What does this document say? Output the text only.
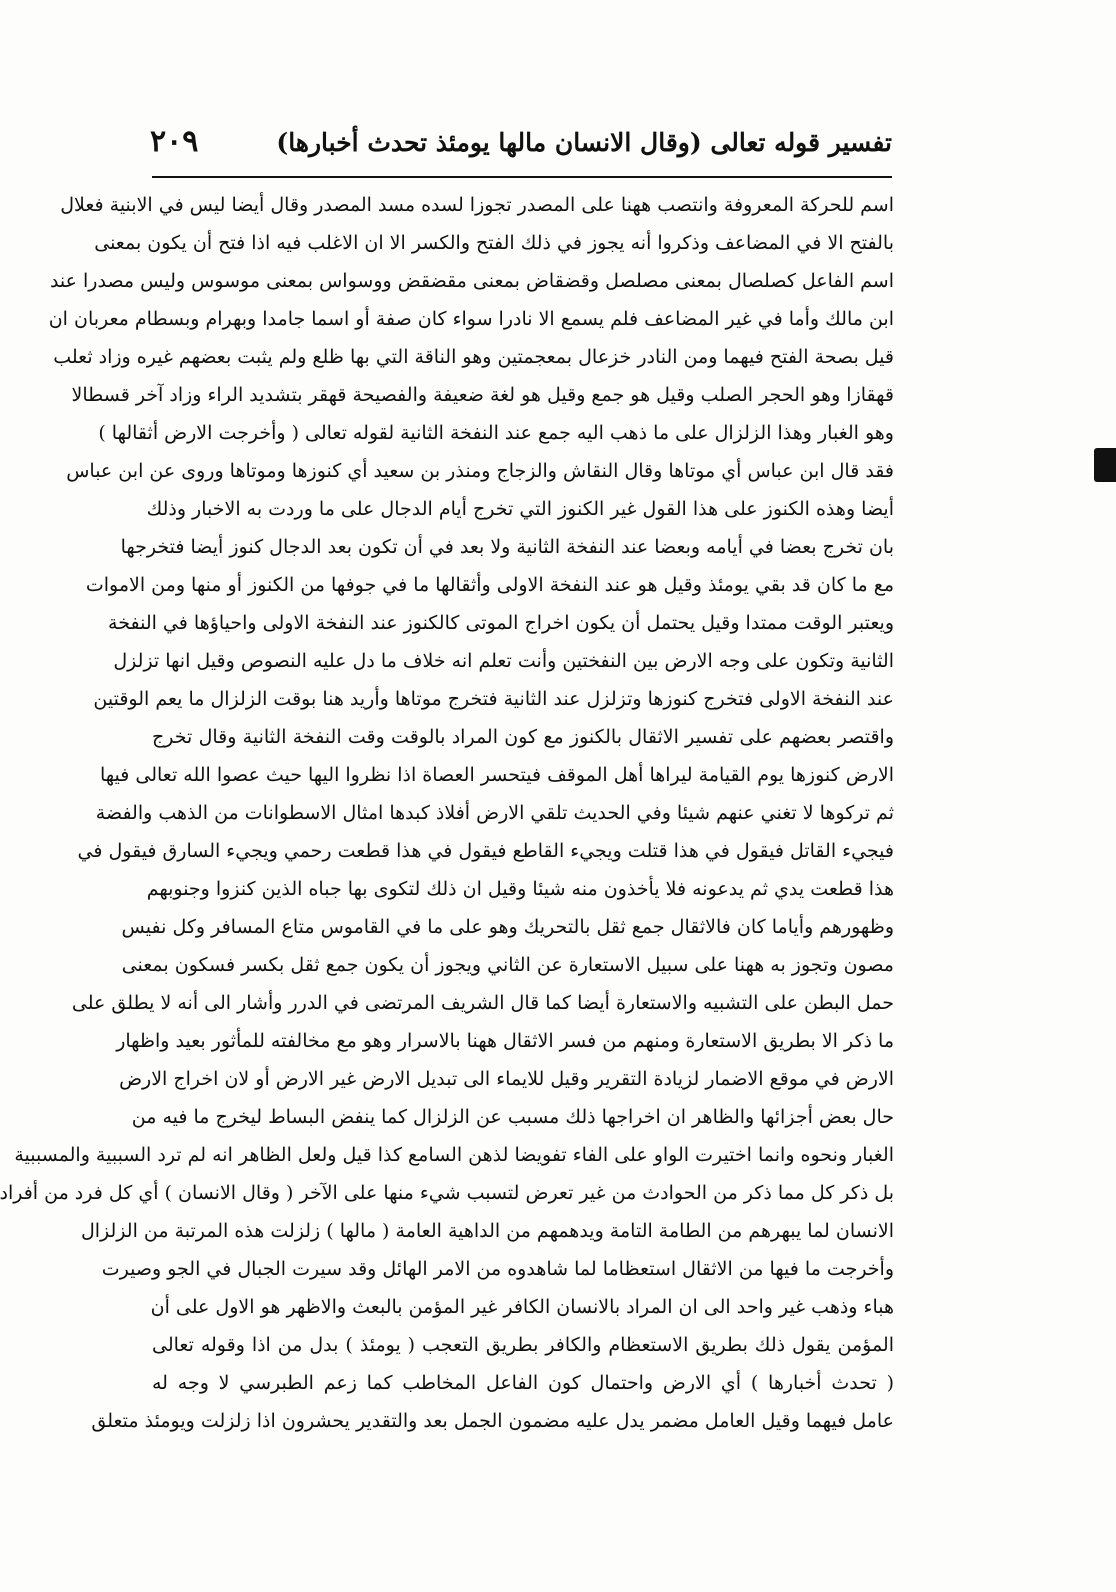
تفسير قوله تعالى (وقال الانسان مالها يومئذ تحدث أخبارها)
٢٠٩
اسم للحركة المعروفة وانتصب ههنا على المصدر تجوزا لسده مسد المصدر وقال أيضا ليس في الابنية فعلال
بالفتح الا في المضاعف وذكروا أنه يجوز في ذلك الفتح والكسر الا ان الاغلب فيه اذا فتح أن يكون بمعنى
اسم الفاعل كصلصال بمعنى مصلصل وقضقاض بمعنى مقضقض ووسواس بمعنى موسوس وليس مصدرا عند
ابن مالك وأما في غير المضاعف فلم يسمع الا نادرا سواء كان صفة أو اسما جامدا وبهرام وبسطام معربان ان
قيل بصحة الفتح فيهما ومن النادر خزعال بمعجمتين وهو الناقة التي بها ظلع ولم يثبت بعضهم غيره وزاد ثعلب
قهقازا وهو الحجر الصلب وقيل هو جمع وقيل هو لغة ضعيفة والفصيحة قهقر بتشديد الراء وزاد آخر قسطالا
وهو الغبار وهذا الزلزال على ما ذهب اليه جمع عند النفخة الثانية لقوله تعالى ( وأخرجت الارض أثقالها )
فقد قال ابن عباس أي موتاها وقال النقاش والزجاج ومنذر بن سعيد أي كنوزها وموتاها وروى عن ابن عباس
أيضا وهذه الكنوز على هذا القول غير الكنوز التي تخرج أيام الدجال على ما وردت به الاخبار وذلك
بان تخرج بعضا في أيامه وبعضا عند النفخة الثانية ولا بعد في أن تكون بعد الدجال كنوز أيضا فتخرجها
مع ما كان قد بقي يومئذ وقيل هو عند النفخة الاولى وأثقالها ما في جوفها من الكنوز أو منها ومن الاموات
ويعتبر الوقت ممتدا وقيل يحتمل أن يكون اخراج الموتى كالكنوز عند النفخة الاولى واحياؤها في النفخة
الثانية وتكون على وجه الارض بين النفختين وأنت تعلم انه خلاف ما دل عليه النصوص وقيل انها تزلزل
عند النفخة الاولى فتخرج كنوزها وتزلزل عند الثانية فتخرج موتاها وأريد هنا بوقت الزلزال ما يعم الوقتين
واقتصر بعضهم على تفسير الاثقال بالكنوز مع كون المراد بالوقت وقت النفخة الثانية وقال تخرج
الارض كنوزها يوم القيامة ليراها أهل الموقف فيتحسر العصاة اذا نظروا اليها حيث عصوا الله تعالى فيها
ثم تركوها لا تغني عنهم شيئا وفي الحديث تلقي الارض أفلاذ كبدها امثال الاسطوانات من الذهب والفضة
فيجيء القاتل فيقول في هذا قتلت ويجيء القاطع فيقول في هذا قطعت رحمي ويجيء السارق فيقول في
هذا قطعت يدي ثم يدعونه فلا يأخذون منه شيئا وقيل ان ذلك لتكوى بها جباه الذين كنزوا وجنوبهم
وظهورهم وأياما كان فالاثقال جمع ثقل بالتحريك وهو على ما في القاموس متاع المسافر وكل نفيس
مصون وتجوز به ههنا على سبيل الاستعارة عن الثاني ويجوز أن يكون جمع ثقل بكسر فسكون بمعنى
حمل البطن على التشبيه والاستعارة أيضا كما قال الشريف المرتضى في الدرر وأشار الى أنه لا يطلق على
ما ذكر الا بطريق الاستعارة ومنهم من فسر الاثقال ههنا بالاسرار وهو مع مخالفته للمأثور بعيد واظهار
الارض في موقع الاضمار لزيادة التقرير وقيل للايماء الى تبديل الارض غير الارض أو لان اخراج الارض
حال بعض أجزائها والظاهر ان اخراجها ذلك مسبب عن الزلزال كما ينفض البساط ليخرج ما فيه من
الغبار ونحوه وانما اختيرت الواو على الفاء تفويضا لذهن السامع كذا قيل ولعل الظاهر انه لم ترد السببية والمسببية
بل ذكر كل مما ذكر من الحوادث من غير تعرض لتسبب شيء منها على الآخر ( وقال الانسان ) أي كل فرد من أفراد
الانسان لما يبهرهم من الطامة التامة ويدهمهم من الداهية العامة ( مالها ) زلزلت هذه المرتبة من الزلزال
وأخرجت ما فيها من الاثقال استعظاما لما شاهدوه من الامر الهائل وقد سيرت الجبال في الجو وصيرت
هباء وذهب غير واحد الى ان المراد بالانسان الكافر غير المؤمن بالبعث والاظهر هو الاول على أن
المؤمن يقول ذلك بطريق الاستعظام والكافر بطريق التعجب ( يومئذ ) بدل من اذا وقوله تعالى
( تحدث أخبارها ) أي الارض واحتمال كون الفاعل المخاطب كما زعم الطبرسي لا وجه له
عامل فيهما وقيل العامل مضمر يدل عليه مضمون الجمل بعد والتقدير يحشرون اذا زلزلت ويومئذ متعلق
